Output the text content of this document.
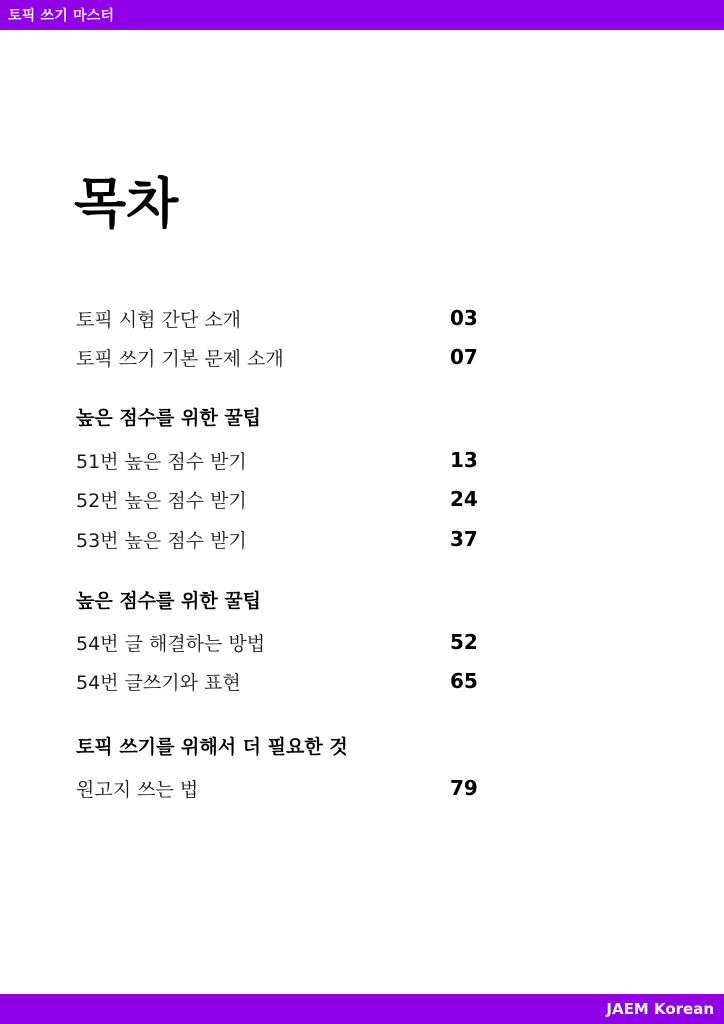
토픽 쓰기 마스터
목차
토픽 시험 간단 소개	03
토픽 쓰기 기본 문제 소개	07
높은 점수를 위한 꿀팁
51번 높은 점수 받기	13
52번 높은 점수 받기	24
53번 높은 점수 받기	37
높은 점수를 위한 꿀팁
54번 글 해결하는 방법	52
54번 글쓰기와 표현	65
토픽 쓰기를 위해서 더 필요한 것
원고지 쓰는 법	79
JAEM Korean
